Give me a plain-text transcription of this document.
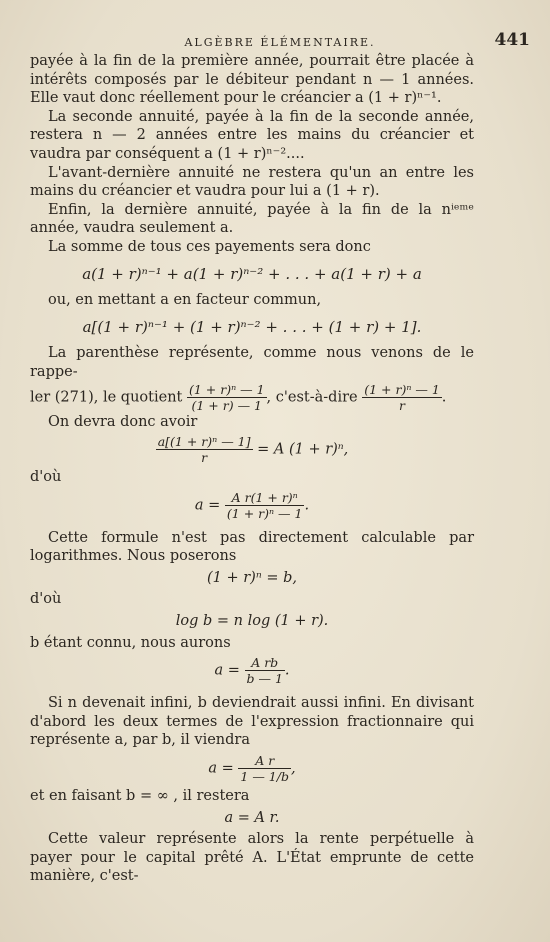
ALGÈBRE ÉLÉMENTAIRE.	441

payée à la fin de la première année, pourrait être placée à intérêts composés par le débiteur pendant n — 1 années. Elle vaut donc réellement pour le créancier a (1 + r)ⁿ⁻¹.

La seconde annuité, payée à la fin de la seconde année, restera n — 2 années entre les mains du créancier et vaudra par conséquent a (1 + r)ⁿ⁻²....

L'avant-dernière annuité ne restera qu'un an entre les mains du créancier et vaudra pour lui a (1 + r).

Enfin, la dernière annuité, payée à la fin de la nⁱᵉᵐᵉ année, vaudra seulement a.

La somme de tous ces payements sera donc

a(1 + r)ⁿ⁻¹ + a(1 + r)ⁿ⁻² + . . . + a(1 + r) + a

ou, en mettant a en facteur commun,

a[(1 + r)ⁿ⁻¹ + (1 + r)ⁿ⁻² + . . . + (1 + r) + 1].

La parenthèse représente, comme nous venons de le rappe-

ler (271), le quotient $\frac{\text{(1 + r)ⁿ — 1}}{(1 + r) — 1}$ , c'est-à-dire $\frac{\text{(1 + r)ⁿ — 1}}{r}$ .

On devra donc avoir

$\frac{\text{a[(1 + r)ⁿ — 1]}}{r} = A$ (1 + r)ⁿ,

d'où

$a = \frac{\text{A r(1 + r)ⁿ}}{\text{(1 + r)ⁿ — 1}}$ .

Cette formule n'est pas directement calculable par logarithmes. Nous poserons

(1 + r)ⁿ = b,

d'où

log b = n log (1 + r).

b étant connu, nous aurons

$a = \frac{\text{A rb}}{b — 1}$ .

Si n devenait infini, b deviendrait aussi infini. En divisant d'abord les deux termes de l'expression fractionnaire qui représente a, par b, il viendra

$a = \frac{\text{A r}}{1 — 1/b}$ ,

et en faisant b = ∞ , il restera

a = A r.

Cette valeur représente alors la rente perpétuelle à payer pour le capital prêté A. L'État emprunte de cette manière, c'est-
